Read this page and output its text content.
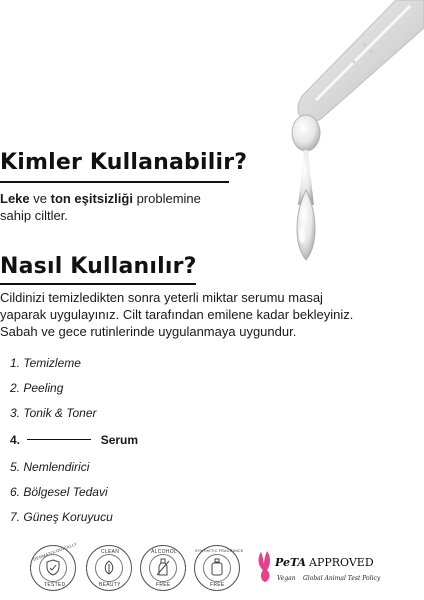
Kimler Kullanabilir?
Leke ve ton eşitsizliği problemine
sahip ciltler.
Nasıl Kullanılır?
Cildinizi temizledikten sonra yeterli miktar serumu masaj
yaparak uygulayınız. Cilt tarafından emilene kadar bekleyiniz.
Sabah ve gece rutinlerinde uygulanmaya uygundur.
1. Temizleme
2. Peeling
3. Tonik & Toner
4.	Serum
5. Nemlendirici
6. Bölgesel Tedavi
7. Güneş Koruyucu
DERMATOLOGICALLY
TESTED
CLEAN
BEAUTY
ALCOHOL
FREE
SYNTHETIC FRAGRANCE
FREE
PeTA APPROVED
Vegan Global Animal Test Policy
